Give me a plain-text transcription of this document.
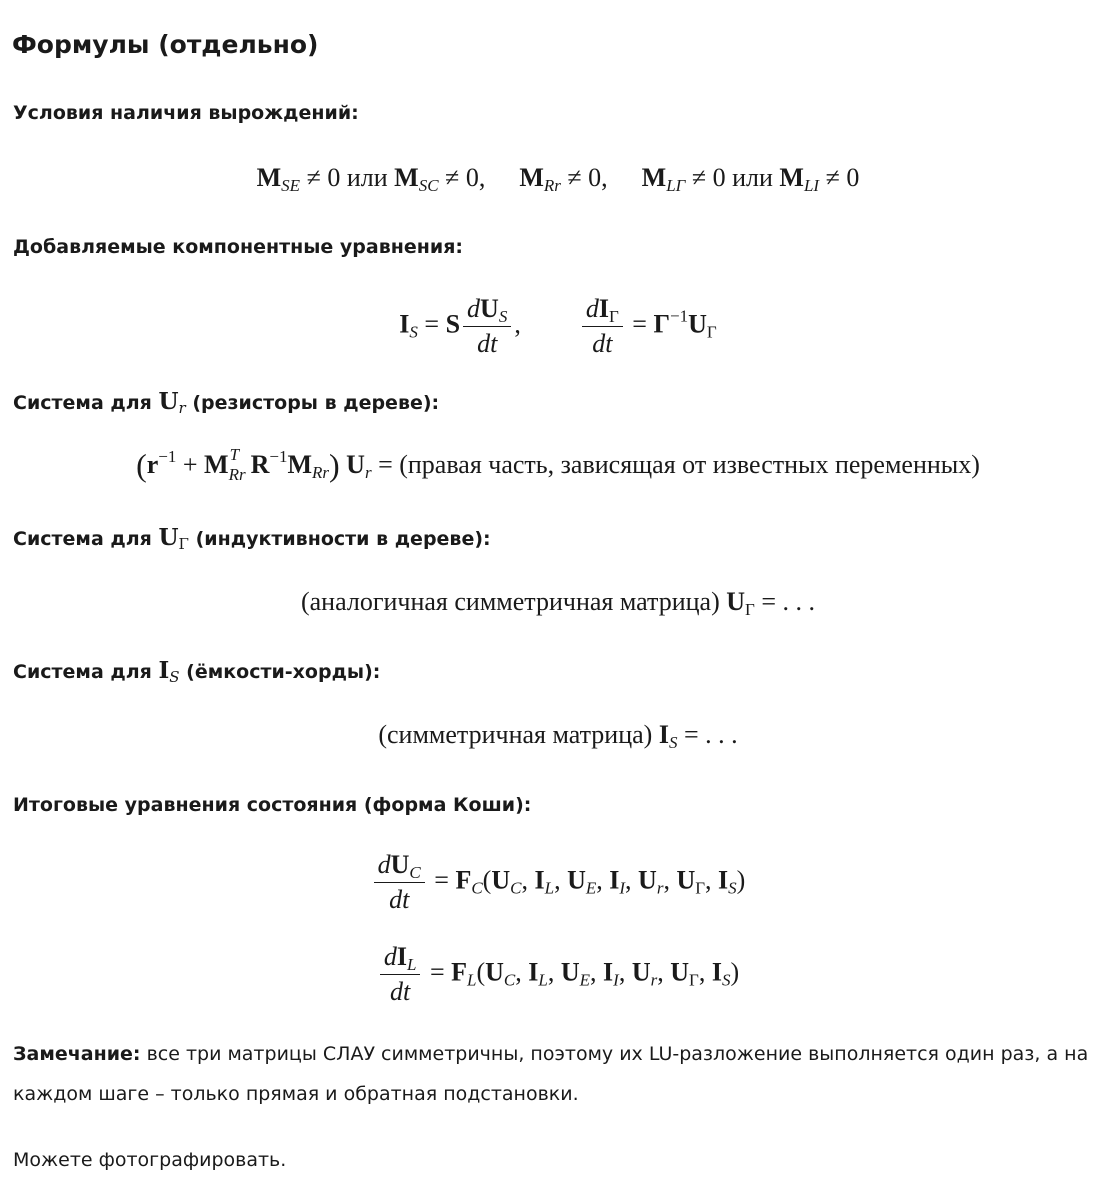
Формулы (отдельно)
Условия наличия вырождений:
$M_{SE} \ne 0$ или $M_{SC} \ne 0$, $M_{Rr} \ne 0$, $M_{L\Gamma} \ne 0$ или $M_{LI} \ne 0$
Добавляемые компонентные уравнения:
$I_S = S \frac{dU_S}{dt}$ , $\frac{dI_\Gamma}{dt} = \Gamma^{-1}U_\Gamma$
Система для $U_r$ (резисторы в дереве):
($r^{-1} + M$ T
Rr $R^{-1}M_{Rr}$) $U_r$ = (правая часть, зависящая от известных переменных)
Система для $U_\Gamma$ (индуктивности в дереве):
(аналогичная симметричная матрица) $U_\Gamma$ = . . .
Система для $I_S$ (ёмкости-хорды):
(симметричная матрица) $I_S$ = . . .
Итоговые уравнения состояния (форма Коши):
$\frac{dU_C}{dt} = F_C(U_C$, $I_L$, $U_E$, $I_I$, $U_r$, $U_\Gamma$, $I_S$)
$\frac{dI_L}{dt} = F_L(U_C$, $I_L$, $U_E$, $I_I$, $U_r$, $U_\Gamma$, $I_S$)
Замечание: все три матрицы СЛАУ симметричны, поэтому их LU-разложение выполняется один раз, а на каждом шаге – только прямая и обратная подстановки.
Можете фотографировать.
